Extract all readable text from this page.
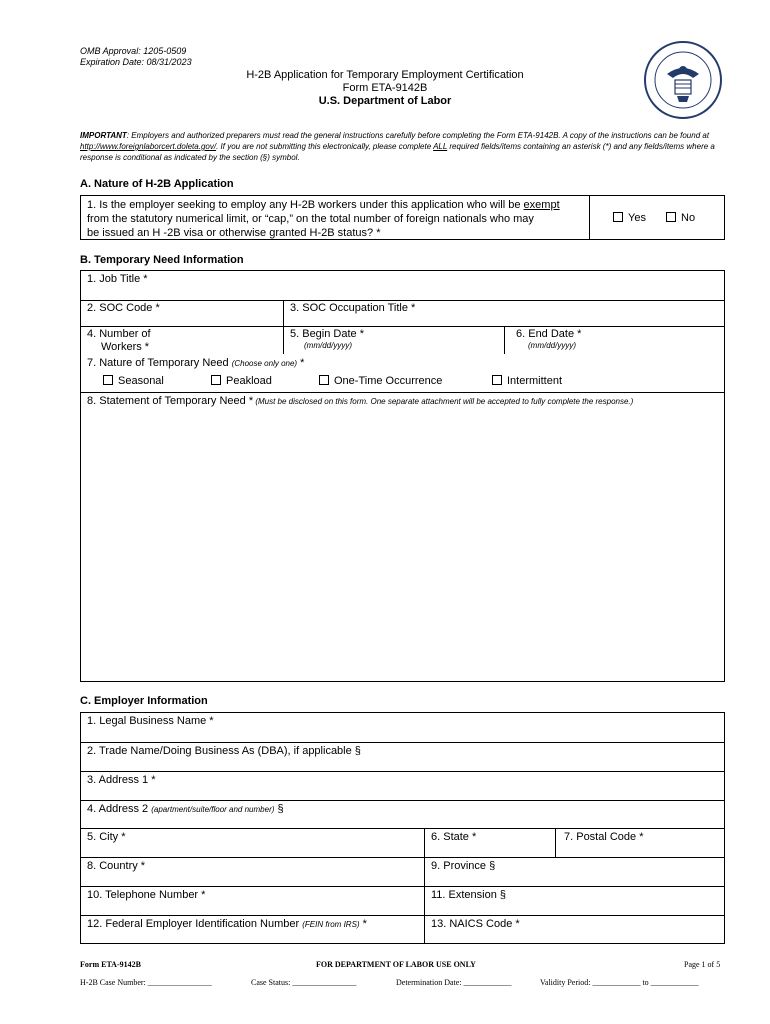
OMB Approval: 1205-0509
Expiration Date: 08/31/2023
H-2B Application for Temporary Employment Certification
Form ETA-9142B
U.S. Department of Labor
IMPORTANT: Employers and authorized preparers must read the general instructions carefully before completing the Form ETA-9142B. A copy of the instructions can be found at http://www.foreignlaborcert.doleta.gov/. If you are not submitting this electronically, please complete ALL required fields/items containing an asterisk (*) and any fields/items where a response is conditional as indicated by the section (§) symbol.
A. Nature of H-2B Application
1. Is the employer seeking to employ any H-2B workers under this application who will be exempt
from the statutory numerical limit, or “cap,” on the total number of foreign nationals who may
be issued an H -2B visa or otherwise granted H-2B status? *
Yes	No
B. Temporary Need Information
1. Job Title *
2. SOC Code *	3. SOC Occupation Title *
4. Number of
Workers *
5. Begin Date *
(mm/dd/yyyy)
6. End Date *
(mm/dd/yyyy)
7. Nature of Temporary Need (Choose only one) *
Seasonal	Peakload	One-Time Occurrence	Intermittent
8. Statement of Temporary Need * (Must be disclosed on this form. One separate attachment will be accepted to fully complete the response.)
C. Employer Information
1. Legal Business Name *
2. Trade Name/Doing Business As (DBA), if applicable §
3. Address 1 *
4. Address 2 (apartment/suite/floor and number) §
5. City *	6. State *	7. Postal Code *
8. Country *	9. Province §
10. Telephone Number *	11. Extension §
12. Federal Employer Identification Number (FEIN from IRS) *	13. NAICS Code *
Form ETA-9142B	FOR DEPARTMENT OF LABOR USE ONLY	Page 1 of 5
H-2B Case Number: ________________	Case Status: ________________	Determination Date: ____________	Validity Period: ____________ to ____________
